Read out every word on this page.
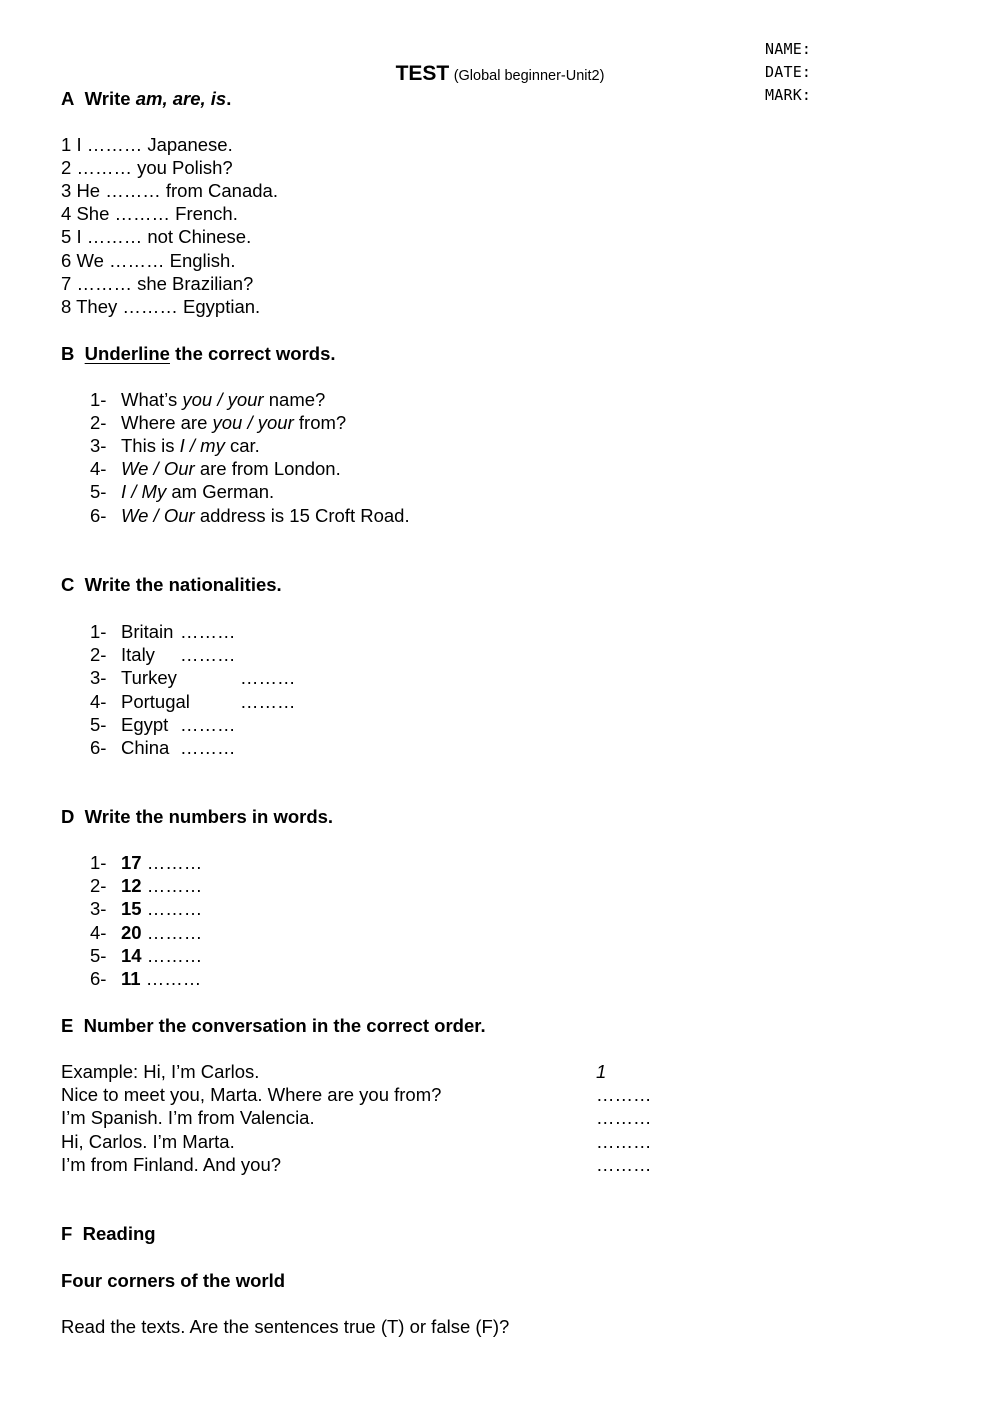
TEST (Global beginner-Unit2)
NAME:
DATE:
MARK:
A Write am, are, is.
1 I ……… Japanese.
2 ……… you Polish?
3 He ……… from Canada.
4 She ……… French.
5 I ……… not Chinese.
6 We ……… English.
7 ……… she Brazilian?
8 They ……… Egyptian.
B Underline the correct words.
1- What’s you / your name?
2- Where are you / your from?
3- This is I / my car.
4- We / Our are from London.
5- I / My am German.
6- We / Our address is 15 Croft Road.
C Write the nationalities.
1- Britain ………
2- Italy ………
3- Turkey	………
4- Portugal	………
5- Egypt ………
6- China ………
D Write the numbers in words.
1- 17 ………
2- 12 ………
3- 15 ………
4- 20 ………
5- 14 ………
6- 11 ………
E Number the conversation in the correct order.
Example: Hi, I’m Carlos.	1
Nice to meet you, Marta. Where are you from?	………
I’m Spanish. I’m from Valencia.	………
Hi, Carlos. I’m Marta.	………
I’m from Finland. And you?	………
F Reading
Four corners of the world
Read the texts. Are the sentences true (T) or false (F)?
